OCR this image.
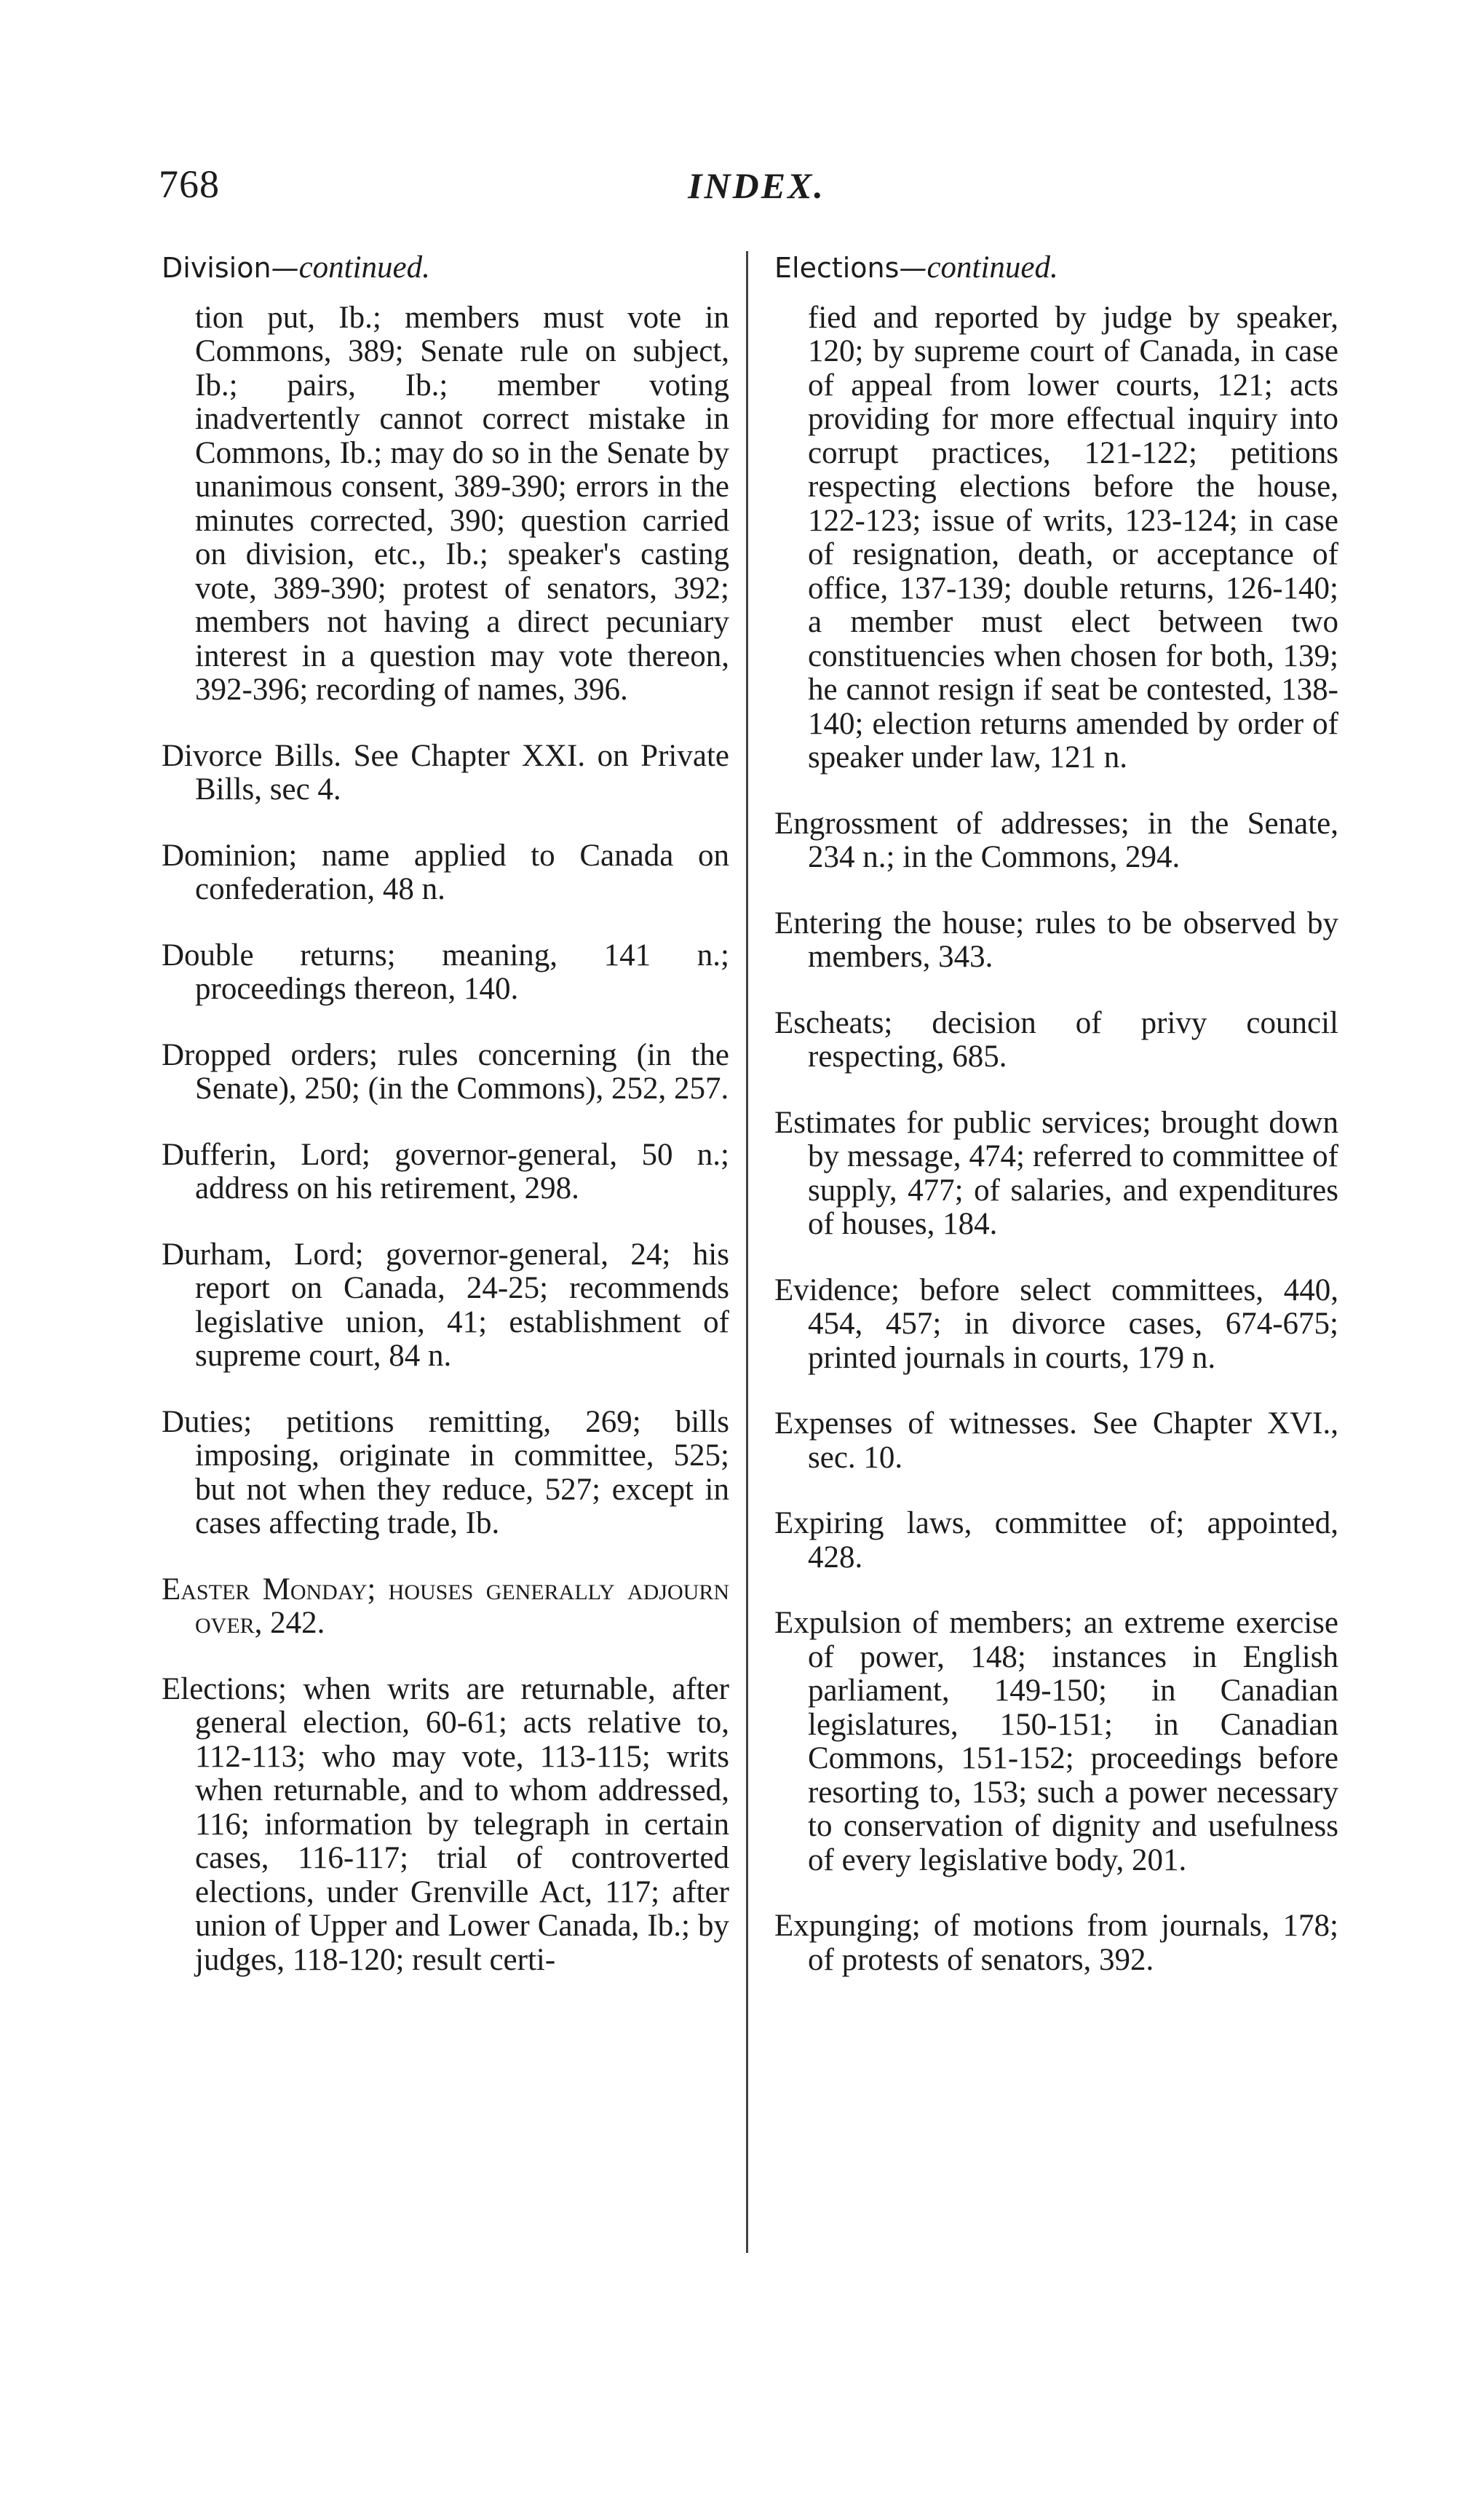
768	INDEX.
Division—continued.

tion put, Ib.; members must vote in Commons, 389; Senate rule on subject, Ib.; pairs, Ib.; member voting inadvertently cannot correct mistake in Commons, Ib.; may do so in the Senate by unanimous consent, 389-390; errors in the minutes corrected, 390; question carried on division, etc., Ib.; speaker's casting vote, 389-390; protest of senators, 392; members not having a direct pecuniary interest in a question may vote thereon, 392-396; recording of names, 396.

Divorce Bills. See Chapter XXI. on Private Bills, sec 4.

Dominion; name applied to Canada on confederation, 48 n.

Double returns; meaning, 141 n.; proceedings thereon, 140.

Dropped orders; rules concerning (in the Senate), 250; (in the Commons), 252, 257.

Dufferin, Lord; governor-general, 50 n.; address on his retirement, 298.

Durham, Lord; governor-general, 24; his report on Canada, 24-25; recommends legislative union, 41; establishment of supreme court, 84 n.

Duties; petitions remitting, 269; bills imposing, originate in committee, 525; but not when they reduce, 527; except in cases affecting trade, Ib.

Easter Monday; houses generally adjourn over, 242.

Elections; when writs are returnable, after general election, 60-61; acts relative to, 112-113; who may vote, 113-115; writs when returnable, and to whom addressed, 116; information by telegraph in certain cases, 116-117; trial of controverted elections, under Grenville Act, 117; after union of Upper and Lower Canada, Ib.; by judges, 118-120; result certi-

Elections—continued.

fied and reported by judge by speaker, 120; by supreme court of Canada, in case of appeal from lower courts, 121; acts providing for more effectual inquiry into corrupt practices, 121-122; petitions respecting elections before the house, 122-123; issue of writs, 123-124; in case of resignation, death, or acceptance of office, 137-139; double returns, 126-140; a member must elect between two constituencies when chosen for both, 139; he cannot resign if seat be contested, 138-140; election returns amended by order of speaker under law, 121 n.

Engrossment of addresses; in the Senate, 234 n.; in the Commons, 294.

Entering the house; rules to be observed by members, 343.

Escheats; decision of privy council respecting, 685.

Estimates for public services; brought down by message, 474; referred to committee of supply, 477; of salaries, and expenditures of houses, 184.

Evidence; before select committees, 440, 454, 457; in divorce cases, 674-675; printed journals in courts, 179 n.

Expenses of witnesses. See Chapter XVI., sec. 10.

Expiring laws, committee of; appointed, 428.

Expulsion of members; an extreme exercise of power, 148; instances in English parliament, 149-150; in Canadian legislatures, 150-151; in Canadian Commons, 151-152; proceedings before resorting to, 153; such a power necessary to conservation of dignity and usefulness of every legislative body, 201.

Expunging; of motions from journals, 178; of protests of senators, 392.
